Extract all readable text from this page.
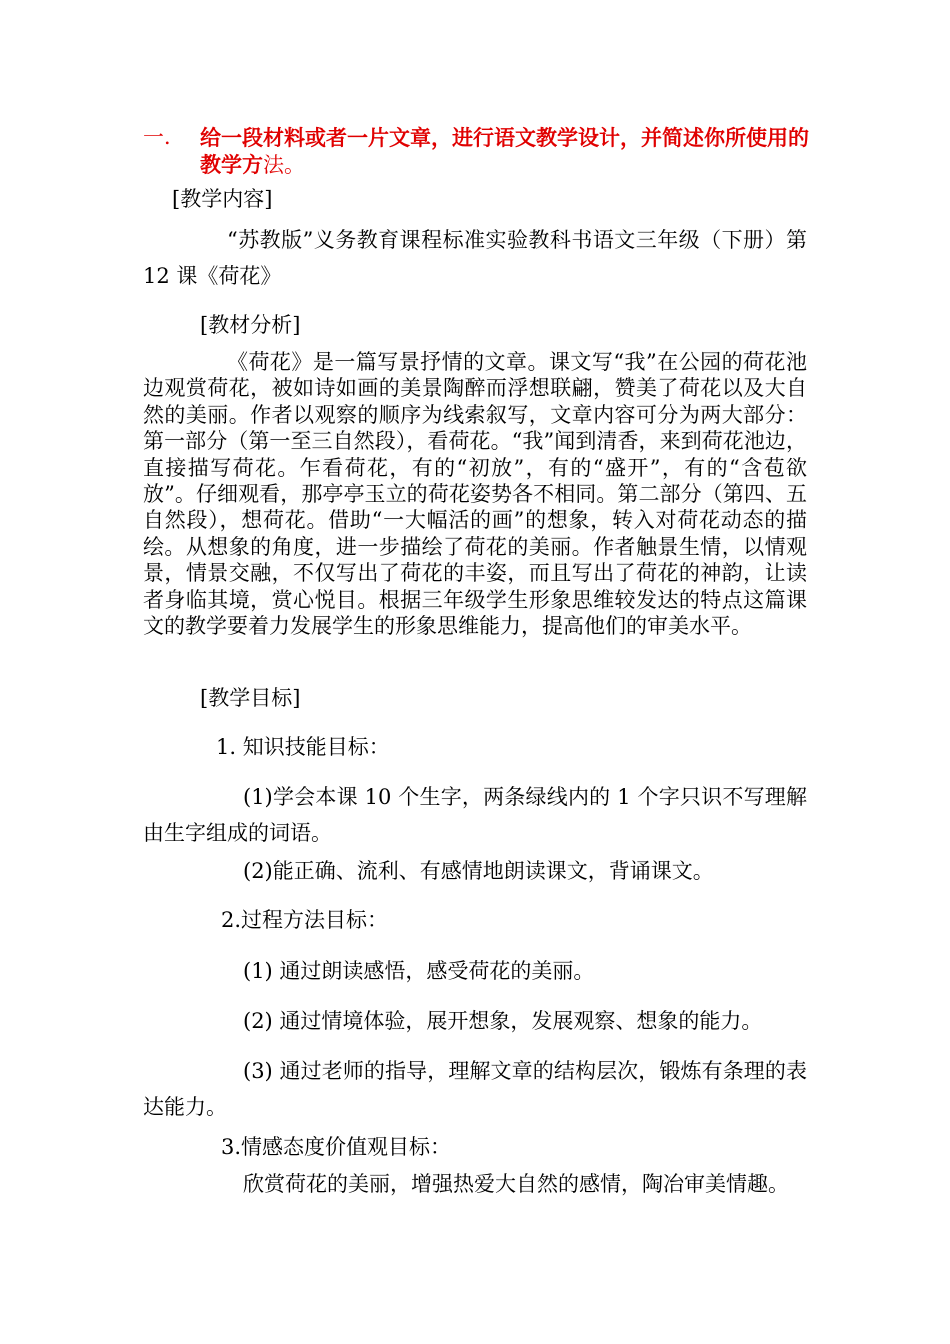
一． 给一段材料或者一片文章，进行语文教学设计，并简述你所使用的教学方法。
[教学内容]
“苏教版”义务教育课程标准实验教科书语文三年级（下册）第 12 课《荷花》
[教材分析]
《荷花》是一篇写景抒情的文章。课文写“我”在公园的荷花池边观赏荷花，被如诗如画的美景陶醉而浮想联翩，赞美了荷花以及大自然的美丽。作者以观察的顺序为线索叙写，文章内容可分为两大部分：第一部分（第一至三自然段），看荷花。“我”闻到清香，来到荷花池边，直接描写荷花。乍看荷花，有的“初放”，有的“盛开”，有的“含苞欲放”。仔细观看，那亭亭玉立的荷花姿势各不相同。第二部分（第四、五自然段），想荷花。借助“一大幅活的画”的想象，转入对荷花动态的描绘。从想象的角度，进一步描绘了荷花的美丽。作者触景生情，以情观景，情景交融，不仅写出了荷花的丰姿，而且写出了荷花的神韵，让读者身临其境，赏心悦目。根据三年级学生形象思维较发达的特点这篇课文的教学要着力发展学生的形象思维能力，提高他们的审美水平。
[教学目标]
1. 知识技能目标：
(1)学会本课 10 个生字，两条绿线内的 1 个字只识不写理解由生字组成的词语。
(2)能正确、流利、有感情地朗读课文，背诵课文。
2.过程方法目标：
(1) 通过朗读感悟，感受荷花的美丽。
(2) 通过情境体验，展开想象，发展观察、想象的能力。
(3) 通过老师的指导，理解文章的结构层次，锻炼有条理的表达能力。
3.情感态度价值观目标：
欣赏荷花的美丽，增强热爱大自然的感情，陶冶审美情趣。
